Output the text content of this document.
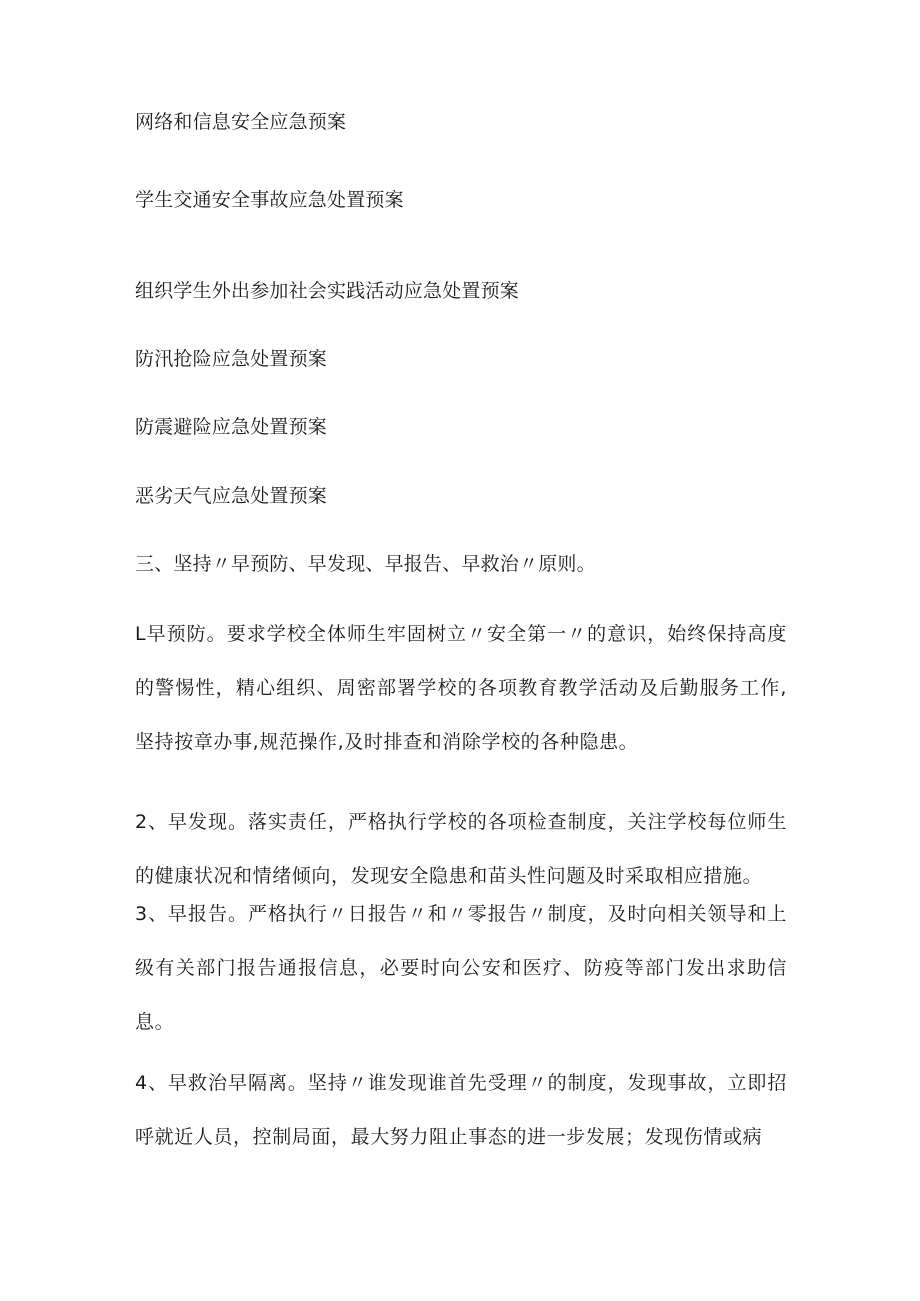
网络和信息安全应急预案
学生交通安全事故应急处置预案
组织学生外出参加社会实践活动应急处置预案
防汛抢险应急处置预案
防震避险应急处置预案
恶劣天气应急处置预案
三、坚持〃早预防、早发现、早报告、早救治〃原则。
L早预防。要求学校全体师生牢固树立〃安全第一〃的意识，始终保持高度的警惕性，精心组织、周密部署学校的各项教育教学活动及后勤服务工作,坚持按章办事,规范操作,及时排查和消除学校的各种隐患。
2、早发现。落实责任，严格执行学校的各项检查制度，关注学校每位师生的健康状况和情绪倾向，发现安全隐患和苗头性问题及时采取相应措施。
3、早报告。严格执行〃日报告〃和〃零报告〃制度，及时向相关领导和上级有关部门报告通报信息，必要时向公安和医疗、防疫等部门发出求助信息。
4、早救治早隔离。坚持〃谁发现谁首先受理〃的制度，发现事故，立即招呼就近人员，控制局面，最大努力阻止事态的进一步发展；发现伤情或病
